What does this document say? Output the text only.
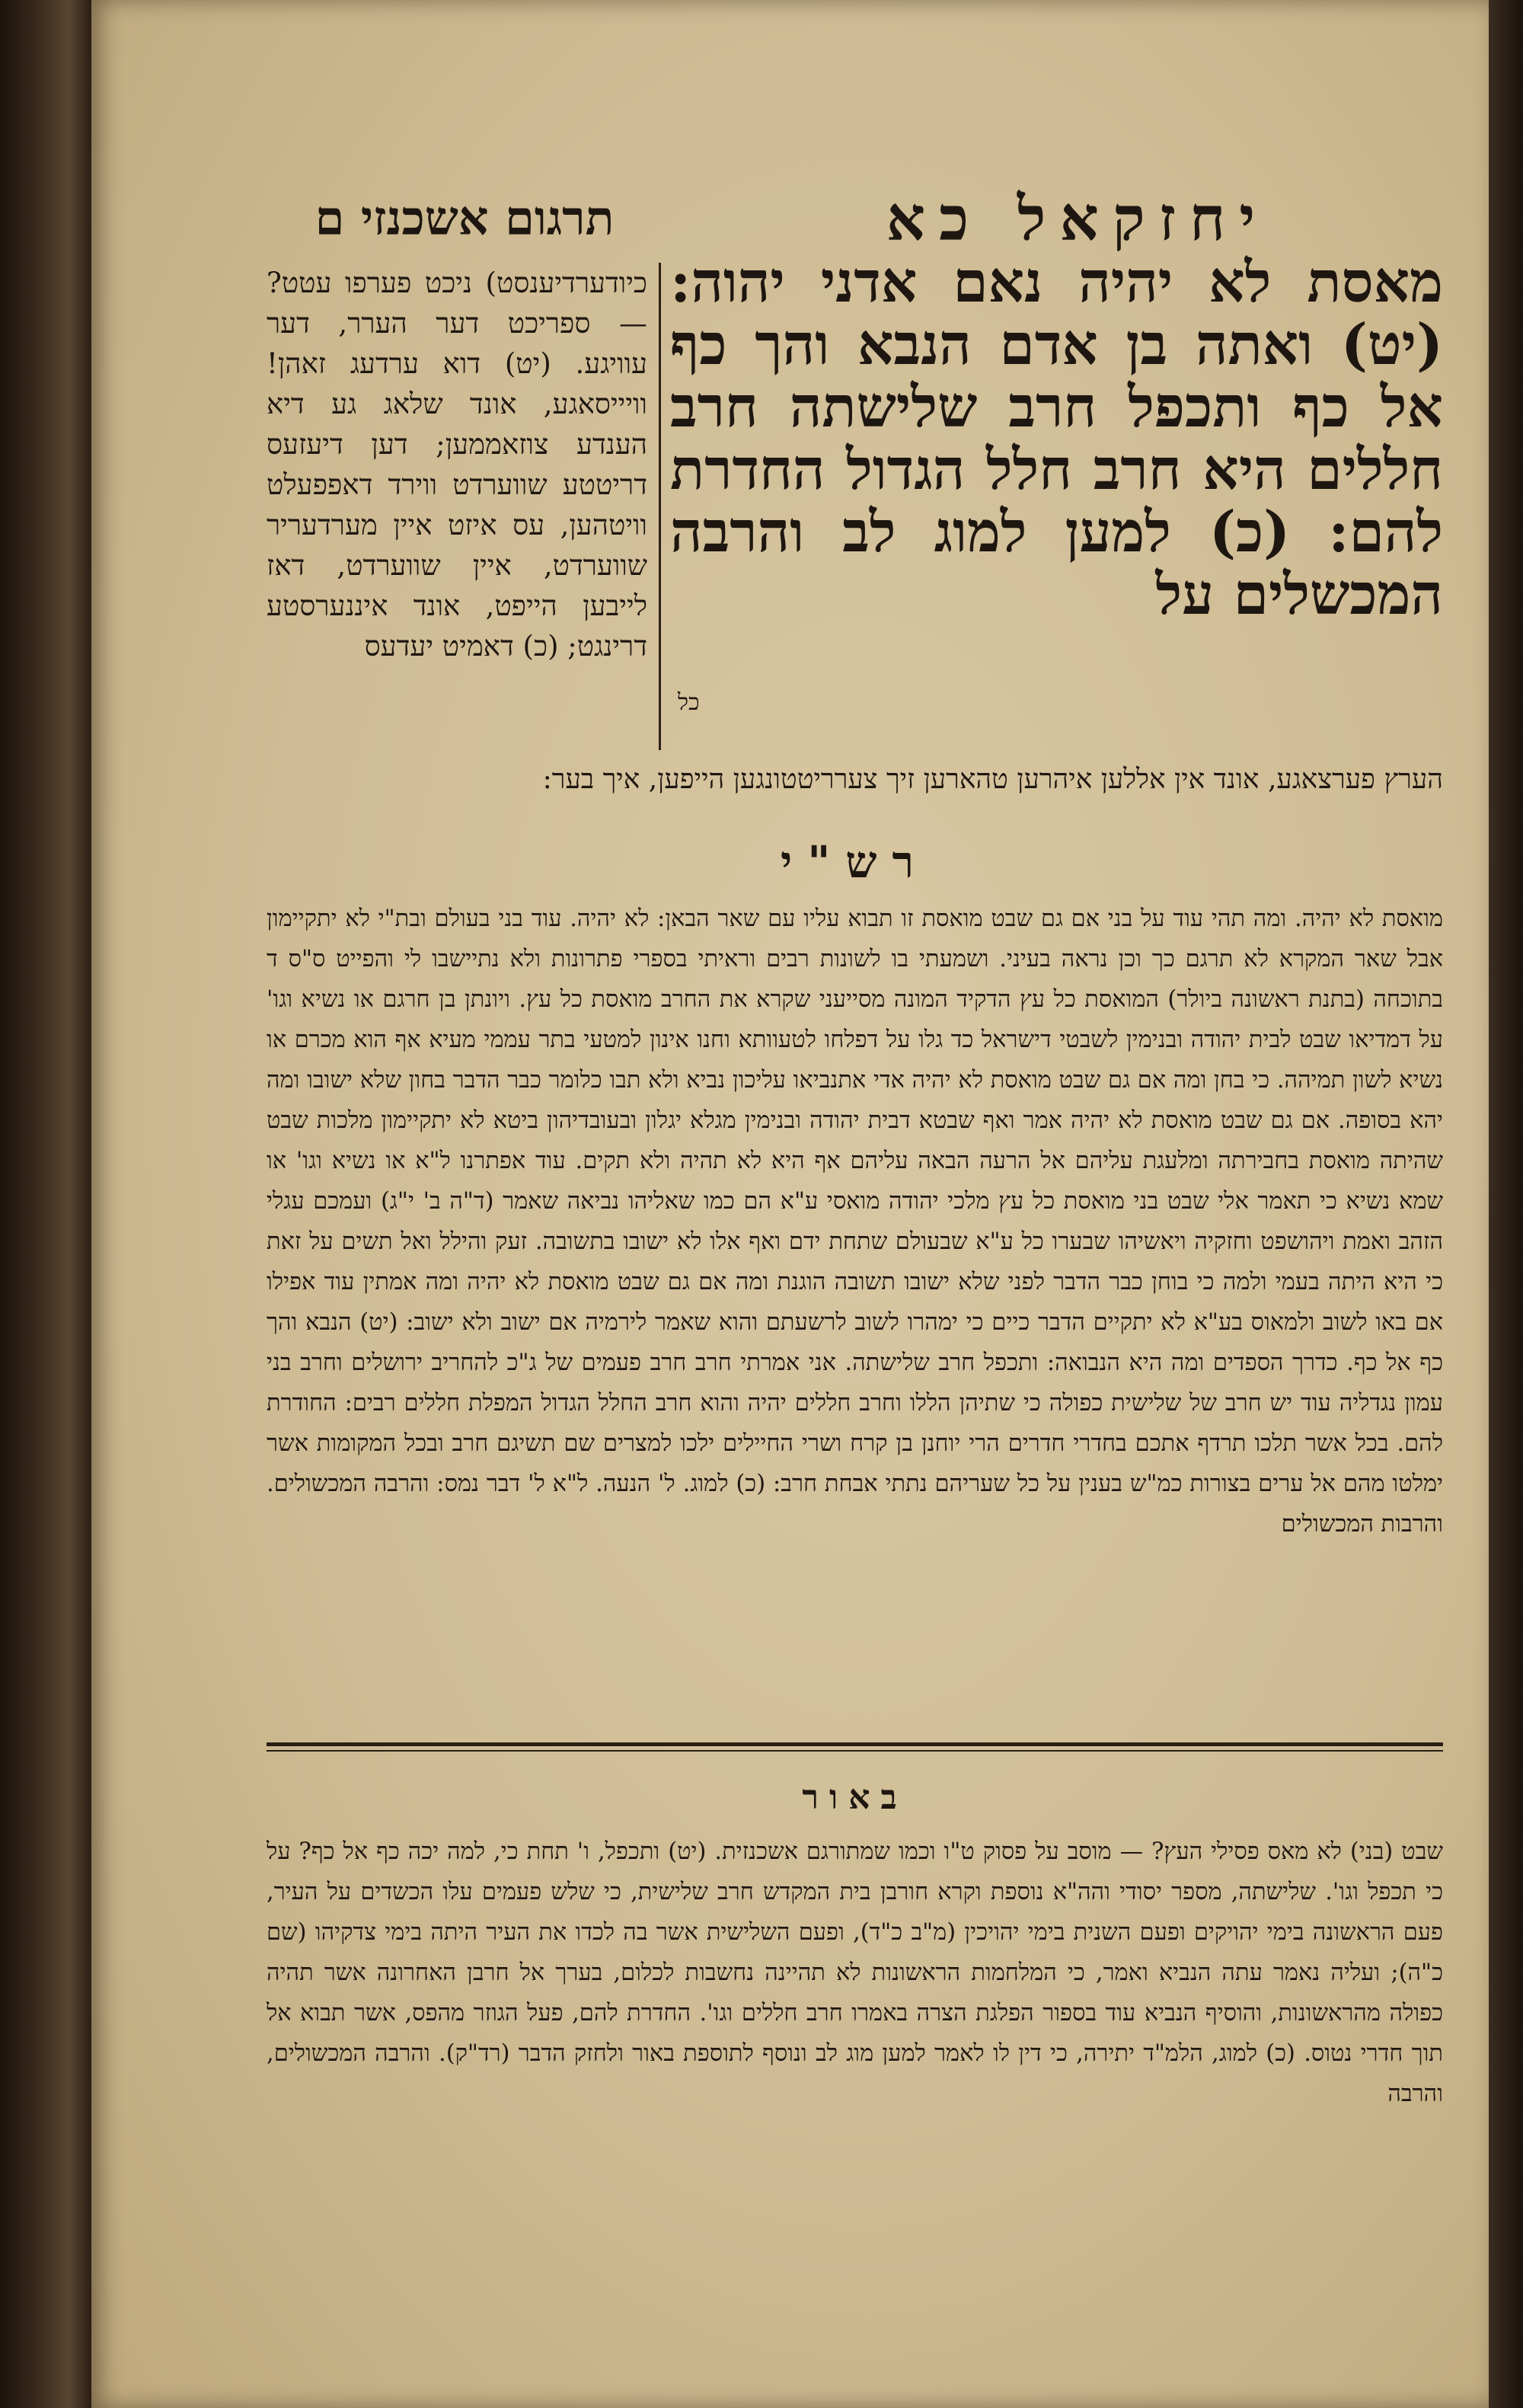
תרגום אשכנזי ם	יחזקאל כא
מאסת לא יהיה נאם אדני יהוה: (יט) ואתה בן אדם הנבא והך כף אל כף ותכפל חרב שלישתה חרב חללים היא חרב חלל הגדול החדרת להם: (כ) למען למוג לב והרבה המכשלים על
כיודערדיענסט) ניכט פערפו עטט? — ספריכט דער הערר, דער עוויגע. (יט) דוא ערדעג זאהן! וויייסאגע, אונד שלאג גע דיא הענדע צוזאממען; דען דיעזעס דריטטע שווערדט ווירד דאפפעלט וויטהען, עס איזט איין מערדעריר שווערדט, איין שווערדט, דאז לייבען הייפט, אונד איננערסטע דרינגט; (כ) דאמיט יעדעס
כל
הערץ פערצאגע, אונד אין אללען איהרען טהארען זיך צערריטטונגען הייפען, איך בער:
רש"י
מואסת לא יהיה. ומה תהי עוד על בני אם גם שבט מואסת זו תבוא עליו עם שאר הבאן: לא יהיה. עוד בני בעולם ובת"י לא יתקיימון אבל שאר המקרא לא תרגם כך וכן נראה בעיני. ושמעתי בו לשונות רבים וראיתי בספרי פתרונות ולא נתיישבו לי והפייט ס"ס ד בתוכחה (בתנת ראשונה ביולר) המואסת כל עץ הדקיד המונה מסייעני שקרא את החרב מואסת כל עץ. ויונתן בן חרגם או נשיא וגו' על דמדיאו שבט לבית יהודה ובנימין לשבטי דישראל כד גלו על דפלחו לטעוותא וחנו אינון למטעי בתר עממי מעיא אף הוא מכרם או נשיא לשון תמיהה. כי בחן ומה אם גם שבט מואסת לא יהיה אדי אתנביאו עליכון נביא ולא תבו כלומר כבר הדבר בחון שלא ישובו ומה יהא בסופה. אם גם שבט מואסת לא יהיה אמר ואף שבטא דבית יהודה ובנימין מגלא יגלון ובעובדיהון ביטא לא יתקיימון מלכות שבט שהיתה מואסת בחבירתה ומלעגת עליהם אל הרעה הבאה עליהם אף היא לא תהיה ולא תקים. עוד אפתרנו ל"א או נשיא וגו' או שמא נשיא כי תאמר אלי שבט בני מואסת כל עץ מלכי יהודה מואסי ע"א הם כמו שאליהו נביאה שאמר (ד"ה ב' י"ג) ועמכם עגלי הזהב ואמת ויהושפט וחזקיה ויאשיהו שבערו כל ע"א שבעולם שתחת ידם ואף אלו לא ישובו בתשובה. זעק והילל ואל תשים על זאת כי היא היתה בעמי ולמה כי בוחן כבר הדבר לפני שלא ישובו תשובה הוגנת ומה אם גם שבט מואסת לא יהיה ומה אמתין עוד אפילו אם באו לשוב ולמאוס בע"א לא יתקיים הדבר כיים כי ימהרו לשוב לרשעתם והוא שאמר לירמיה אם ישוב ולא ישוב: (יט) הנבא והך כף אל כף. כדרך הספדים ומה היא הנבואה: ותכפל חרב שלישתה. אני אמרתי חרב חרב פעמים של ג"כ להחריב ירושלים וחרב בני עמון נגדליה עוד יש חרב של שלישית כפולה כי שתיהן הללו וחרב חללים יהיה והוא חרב החלל הגדול המפלת חללים רבים: החודרת להם. בכל אשר תלכו תרדף אתכם בחדרי חדרים הרי יוחנן בן קרח ושרי החיילים ילכו למצרים שם תשיגם חרב ובכל המקומות אשר ימלטו מהם אל ערים בצורות כמ"ש בענין על כל שעריהם נתתי אבחת חרב: (כ) למוג. ל' הנעה. ל"א ל' דבר נמס: והרבה המכשולים. והרבות המכשולים
באור
שבט (בני) לא מאס פסילי העץ? — מוסב על פסוק ט"ו וכמו שמתורגם אשכנזית. (יט) ותכפל, ו' תחת כי, למה יכה כף אל כף? על כי תכפל וגו'. שלישתה, מספר יסודי והה"א נוספת וקרא חורבן בית המקדש חרב שלישית, כי שלש פעמים עלו הכשדים על העיר, פעם הראשונה בימי יהויקים ופעם השנית בימי יהויכין (מ"ב כ"ד), ופעם השלישית אשר בה לכדו את העיר היתה בימי צדקיהו (שם כ"ה); ועליה נאמר עתה הנביא ואמר, כי המלחמות הראשונות לא תהיינה נחשבות לכלום, בערך אל חרבן האחרונה אשר תהיה כפולה מהראשונות, והוסיף הנביא עוד בספור הפלגת הצרה באמרו חרב חללים וגו'. החדרת להם, פעל הגוזר מהפס, אשר תבוא אל תוך חדרי נטוס. (כ) למוג, הלמ"ד יתירה, כי דין לו לאמר למען מוג לב ונוסף לתוספת באור ולחזק הדבר (רד"ק). והרבה המכשולים, והרבה
